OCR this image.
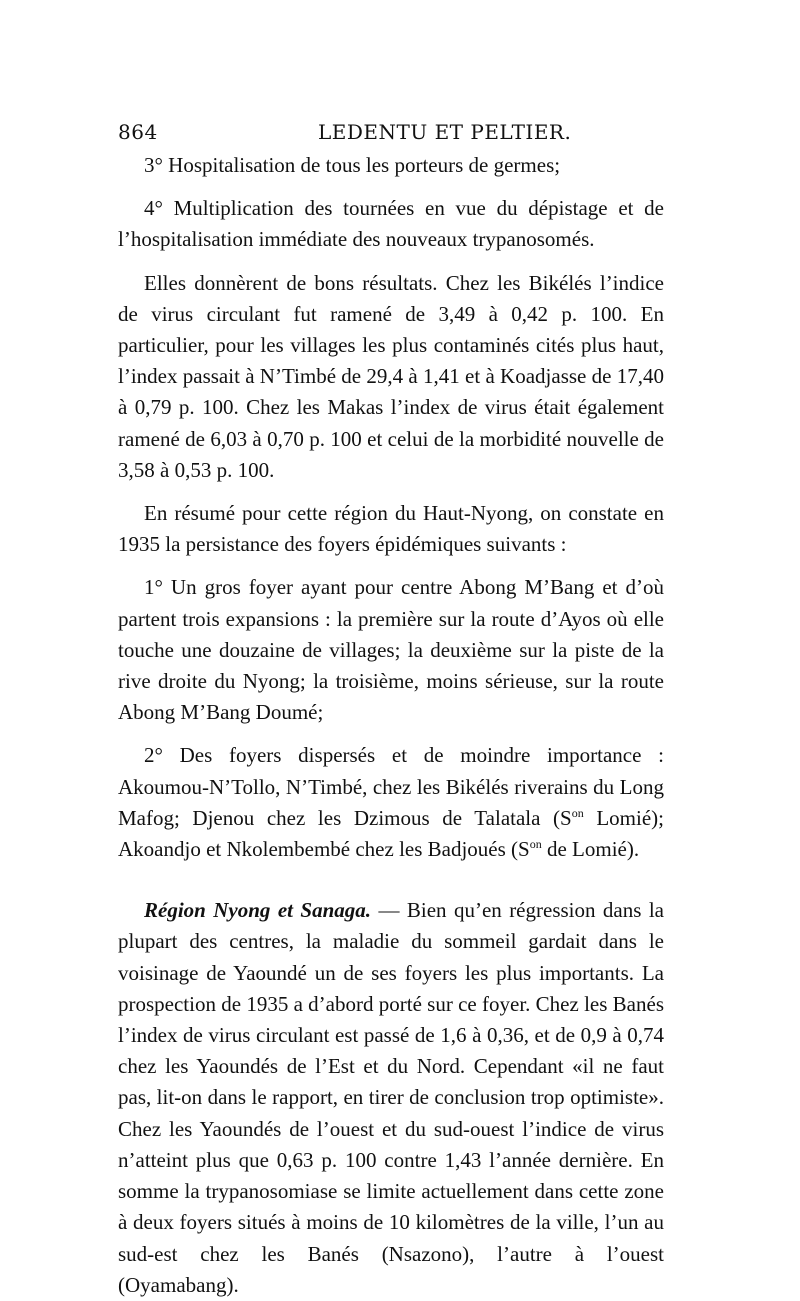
864	LEDENTU ET PELTIER.

3° Hospitalisation de tous les porteurs de germes;

4° Multiplication des tournées en vue du dépistage et de l’hospitalisation immédiate des nouveaux trypanosomés.

Elles donnèrent de bons résultats. Chez les Bikélés l’indice de virus circulant fut ramené de 3,49 à 0,42 p. 100. En particulier, pour les villages les plus contaminés cités plus haut, l’index passait à N’Timbé de 29,4 à 1,41 et à Koadjasse de 17,40 à 0,79 p. 100. Chez les Makas l’index de virus était également ramené de 6,03 à 0,70 p. 100 et celui de la morbidité nouvelle de 3,58 à 0,53 p. 100.

En résumé pour cette région du Haut-Nyong, on constate en 1935 la persistance des foyers épidémiques suivants :

1° Un gros foyer ayant pour centre Abong M’Bang et d’où partent trois expansions : la première sur la route d’Ayos où elle touche une douzaine de villages; la deuxième sur la piste de la rive droite du Nyong; la troisième, moins sérieuse, sur la route Abong M’Bang Doumé;

2° Des foyers dispersés et de moindre importance : Akoumou-N’Tollo, N’Timbé, chez les Bikélés riverains du Long Mafog; Djenou chez les Dzimous de Talatala ($S^{on}$ Lomié); Akoandjo et Nkolembembé chez les Badjoués ($S^{on}$ de Lomié).

Région Nyong et Sanaga. — Bien qu’en régression dans la plupart des centres, la maladie du sommeil gardait dans le voisinage de Yaoundé un de ses foyers les plus importants. La prospection de 1935 a d’abord porté sur ce foyer. Chez les Banés l’index de virus circulant est passé de 1,6 à 0,36, et de 0,9 à 0,74 chez les Yaoundés de l’Est et du Nord. Cependant «il ne faut pas, lit-on dans le rapport, en tirer de conclusion trop optimiste». Chez les Yaoundés de l’ouest et du sud-ouest l’indice de virus n’atteint plus que 0,63 p. 100 contre 1,43 l’année dernière. En somme la trypanosomiase se limite actuellement dans cette zone à deux foyers situés à moins de 10 kilomètres de la ville, l’un au sud-est chez les Banés (Nsazono), l’autre à l’ouest (Oyamabang).
